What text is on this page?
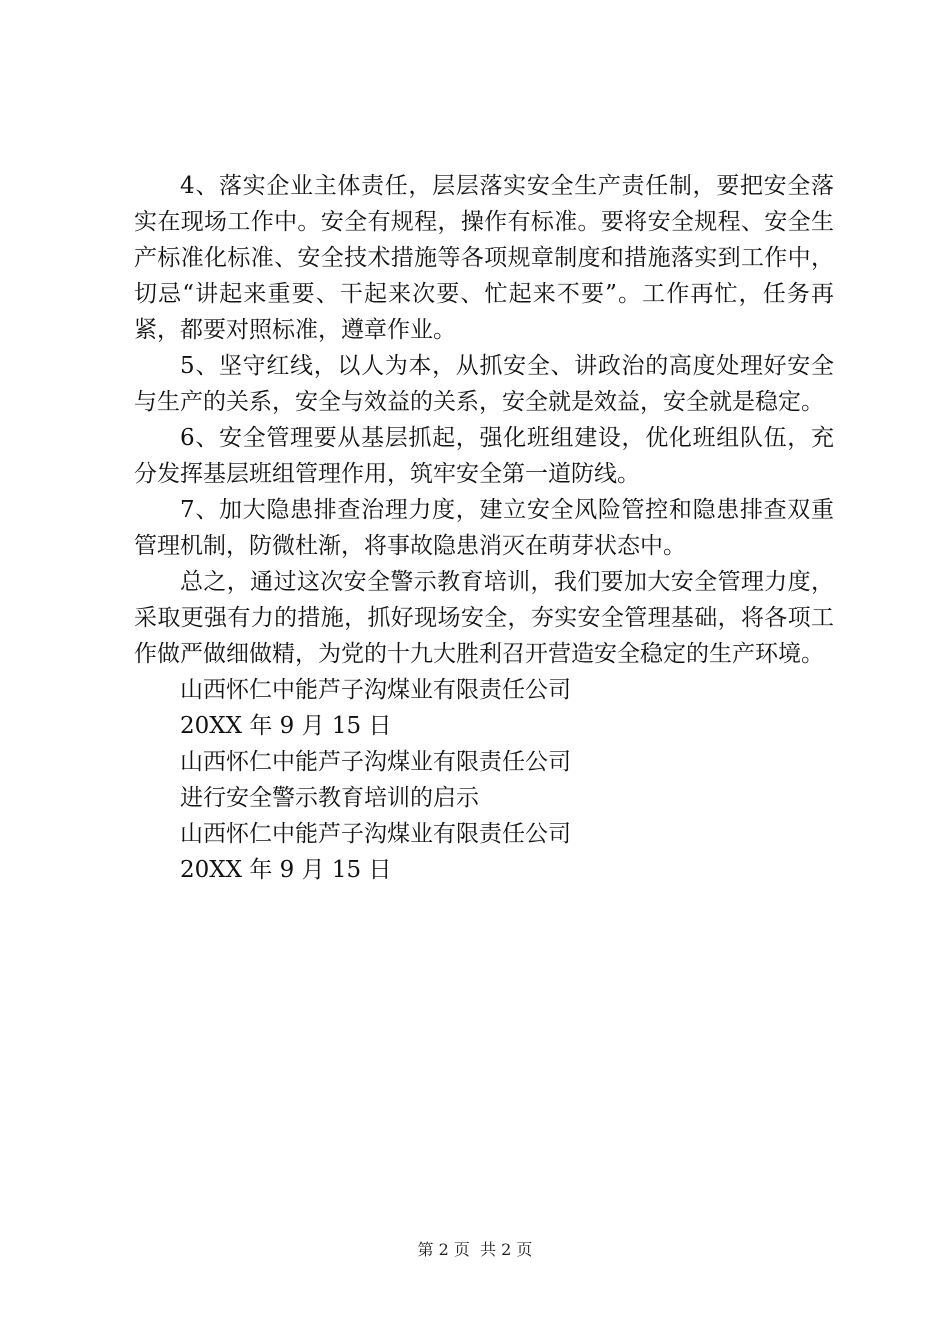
4、落实企业主体责任，层层落实安全生产责任制，要把安全落实在现场工作中。安全有规程，操作有标准。要将安全规程、安全生产标准化标准、安全技术措施等各项规章制度和措施落实到工作中，切忌“讲起来重要、干起来次要、忙起来不要”。工作再忙，任务再紧，都要对照标准，遵章作业。

5、坚守红线，以人为本，从抓安全、讲政治的高度处理好安全与生产的关系，安全与效益的关系，安全就是效益，安全就是稳定。

6、安全管理要从基层抓起，强化班组建设，优化班组队伍，充分发挥基层班组管理作用，筑牢安全第一道防线。

7、加大隐患排查治理力度，建立安全风险管控和隐患排查双重管理机制，防微杜渐，将事故隐患消灭在萌芽状态中。

总之，通过这次安全警示教育培训，我们要加大安全管理力度，采取更强有力的措施，抓好现场安全，夯实安全管理基础，将各项工作做严做细做精，为党的十九大胜利召开营造安全稳定的生产环境。

山西怀仁中能芦子沟煤业有限责任公司

20XX 年 9 月 15 日

山西怀仁中能芦子沟煤业有限责任公司

进行安全警示教育培训的启示

山西怀仁中能芦子沟煤业有限责任公司

20XX 年 9 月 15 日

第 2 页  共 2 页
